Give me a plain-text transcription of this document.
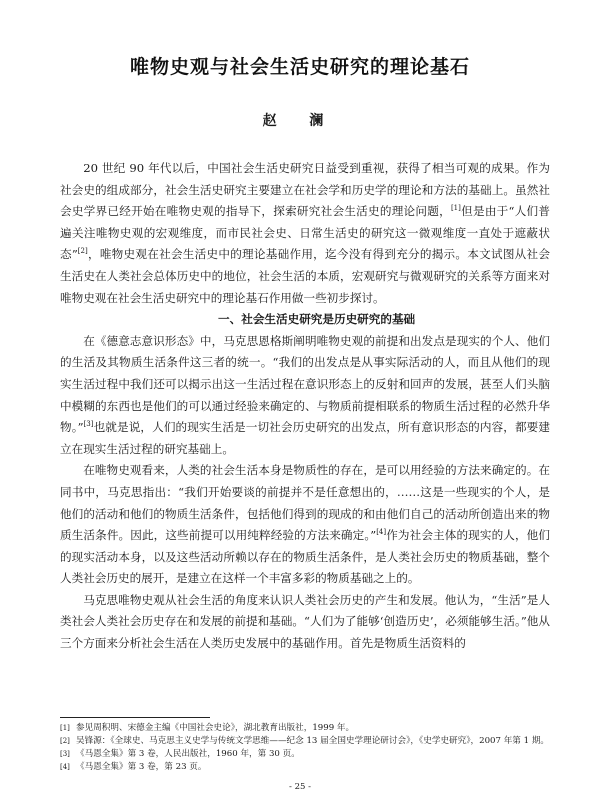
唯物史观与社会生活史研究的理论基石
赵 澜

20 世纪 90 年代以后，中国社会生活史研究日益受到重视，获得了相当可观的成果。作为社会史的组成部分，社会生活史研究主要建立在社会学和历史学的理论和方法的基础上。虽然社会史学界已经开始在唯物史观的指导下，探索研究社会生活史的理论问题，[1]但是由于“人们普遍关注唯物史观的宏观维度，而市民社会史、日常生活史的研究这一微观维度一直处于遮蔽状态”[2]，唯物史观在社会生活史中的理论基础作用，迄今没有得到充分的揭示。本文试图从社会生活史在人类社会总体历史中的地位，社会生活的本质，宏观研究与微观研究的关系等方面来对唯物史观在社会生活史研究中的理论基石作用做一些初步探讨。

一、社会生活史研究是历史研究的基础

在《德意志意识形态》中，马克思恩格斯阐明唯物史观的前提和出发点是现实的个人、他们的生活及其物质生活条件这三者的统一。“我们的出发点是从事实际活动的人，而且从他们的现实生活过程中我们还可以揭示出这一生活过程在意识形态上的反射和回声的发展，甚至人们头脑中模糊的东西也是他们的可以通过经验来确定的、与物质前提相联系的物质生活过程的必然升华物。”[3]也就是说，人们的现实生活是一切社会历史研究的出发点，所有意识形态的内容，都要建立在现实生活过程的研究基础上。

在唯物史观看来，人类的社会生活本身是物质性的存在，是可以用经验的方法来确定的。在同书中，马克思指出：“我们开始要谈的前提并不是任意想出的，……这是一些现实的个人，是他们的活动和他们的物质生活条件，包括他们得到的现成的和由他们自己的活动所创造出来的物质生活条件。因此，这些前提可以用纯粹经验的方法来确定。”[4]作为社会主体的现实的人，他们的现实活动本身，以及这些活动所赖以存在的物质生活条件，是人类社会历史的物质基础，整个人类社会历史的展开，是建立在这样一个丰富多彩的物质基础之上的。

马克思唯物史观从社会生活的角度来认识人类社会历史的产生和发展。他认为，“生活”是人类社会人类社会历史存在和发展的前提和基础。“人们为了能够‘创造历史’，必须能够生活。”他从三个方面来分析社会生活在人类历史发展中的基础作用。首先是物质生活资料的

[1] 参见周积明、宋德金主编《中国社会史论》，湖北教育出版社，1999 年。
[2] 吴锋源：《全球史、马克思主义史学与传统文学思维——纪念 13 届全国史学理论研讨会》，《史学史研究》，2007 年第 1 期。
[3] 《马恩全集》第 3 卷，人民出版社，1960 年，第 30 页。
[4] 《马恩全集》第 3 卷，第 23 页。
- 25 -
